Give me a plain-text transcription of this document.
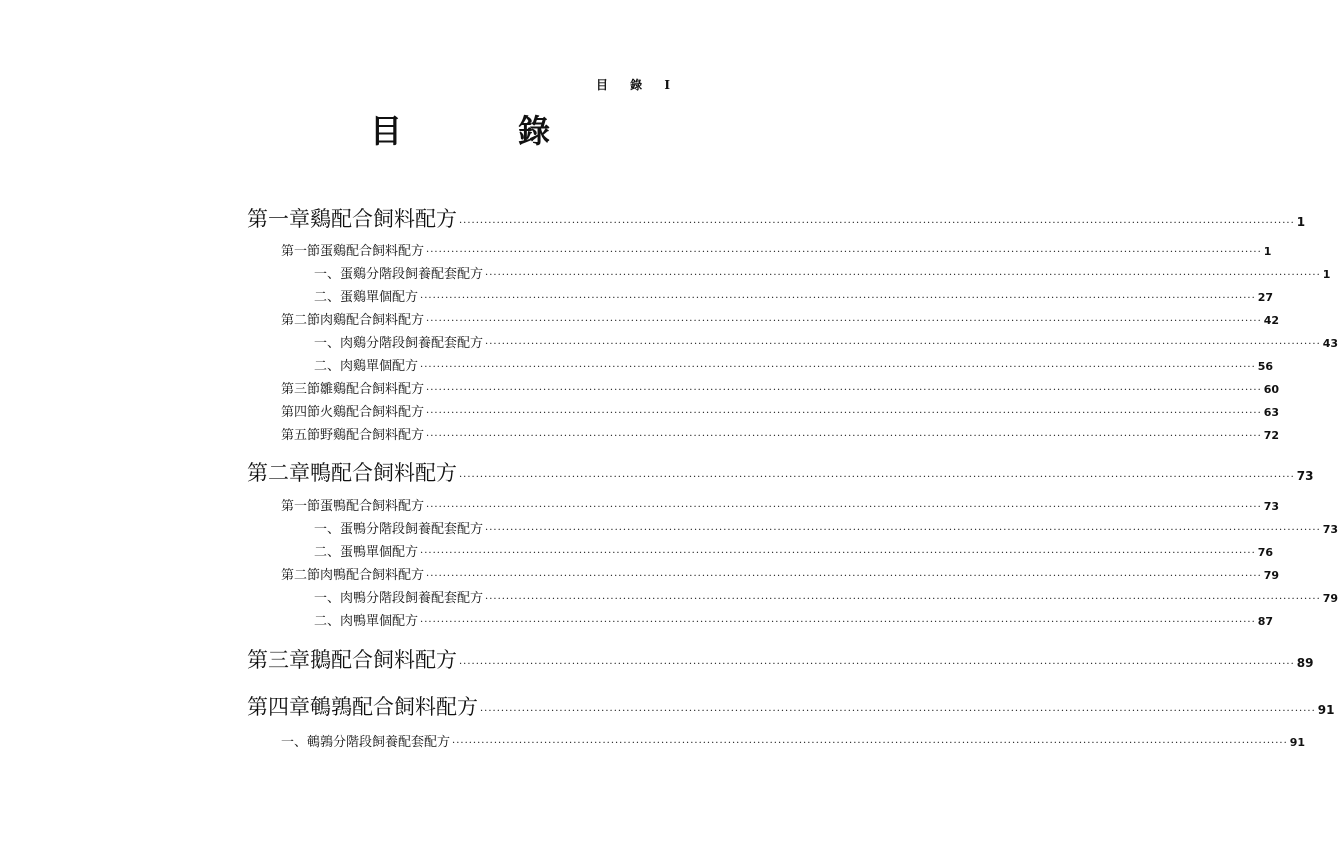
目 錄 I
目	錄
第一章 鷄配合飼料配方 ········································································································································································································ 1
第一節 蛋鷄配合飼料配方 ········································································································································································································ 1
一、 蛋鷄分階段飼養配套配方 ········································································································································································································ 1
二、 蛋鷄單個配方 ········································································································································································································ 27
第二節 肉鷄配合飼料配方 ········································································································································································································ 42
一、 肉鷄分階段飼養配套配方 ········································································································································································································ 43
二、 肉鷄單個配方 ········································································································································································································ 56
第三節 雛鷄配合飼料配方 ········································································································································································································ 60
第四節 火鷄配合飼料配方 ········································································································································································································ 63
第五節 野鷄配合飼料配方 ········································································································································································································ 72
第二章 鴨配合飼料配方 ········································································································································································································ 73
第一節 蛋鴨配合飼料配方 ········································································································································································································ 73
一、 蛋鴨分階段飼養配套配方 ········································································································································································································ 73
二、 蛋鴨單個配方 ········································································································································································································ 76
第二節 肉鴨配合飼料配方 ········································································································································································································ 79
一、 肉鴨分階段飼養配套配方 ········································································································································································································ 79
二、 肉鴨單個配方 ········································································································································································································ 87
第三章 鵝配合飼料配方 ········································································································································································································ 89
第四章 鵪鶉配合飼料配方 ········································································································································································································ 91
一、 鵪鶉分階段飼養配套配方 ········································································································································································································ 91
